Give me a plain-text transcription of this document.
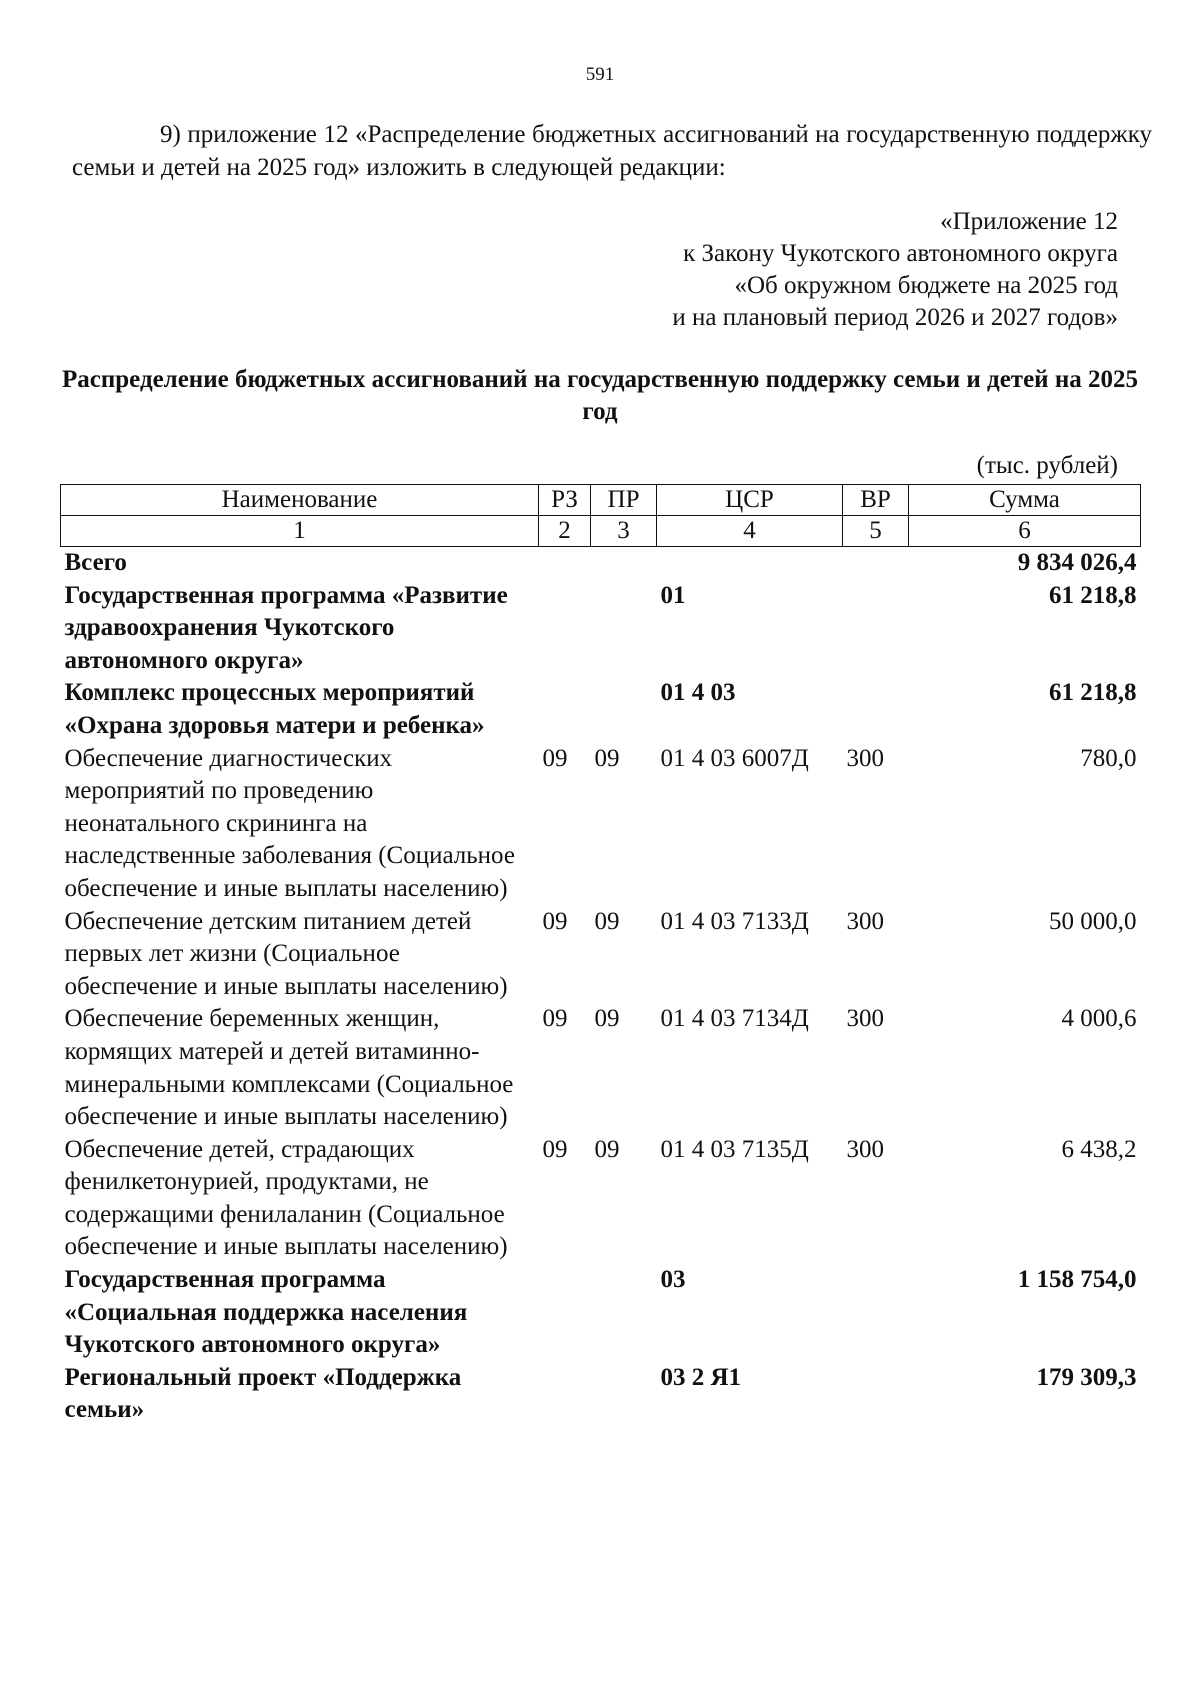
591

9) приложение 12 «Распределение бюджетных ассигнований на государственную поддержку семьи и детей на 2025 год» изложить в следующей редакции:

«Приложение 12
к Закону Чукотского автономного округа
«Об окружном бюджете на 2025 год
и на плановый период 2026 и 2027 годов»
Распределение бюджетных ассигнований на государственную поддержку семьи и детей на 2025 год
(тыс. рублей)
Наименование	РЗ	ПР	ЦСР	ВР	Сумма
1	2	3	4	5	6
Всего					9 834 026,4
Государственная программа «Развитие здравоохранения Чукотского автономного округа»			01		61 218,8
Комплекс процессных мероприятий «Охрана здоровья матери и ребенка»			01 4 03		61 218,8
Обеспечение диагностических мероприятий по проведению неонатального скрининга на наследственные заболевания (Социальное обеспечение и иные выплаты населению)	09	09	01 4 03 6007Д	300	780,0
Обеспечение детским питанием детей первых лет жизни (Социальное обеспечение и иные выплаты населению)	09	09	01 4 03 7133Д	300	50 000,0
Обеспечение беременных женщин, кормящих матерей и детей витаминно-минеральными комплексами (Социальное обеспечение и иные выплаты населению)	09	09	01 4 03 7134Д	300	4 000,6
Обеспечение детей, страдающих фенилкетонурией, продуктами, не содержащими фенилаланин (Социальное обеспечение и иные выплаты населению)	09	09	01 4 03 7135Д	300	6 438,2
Государственная программа «Социальная поддержка населения Чукотского автономного округа»			03		1 158 754,0
Региональный проект «Поддержка семьи»			03 2 Я1		179 309,3
